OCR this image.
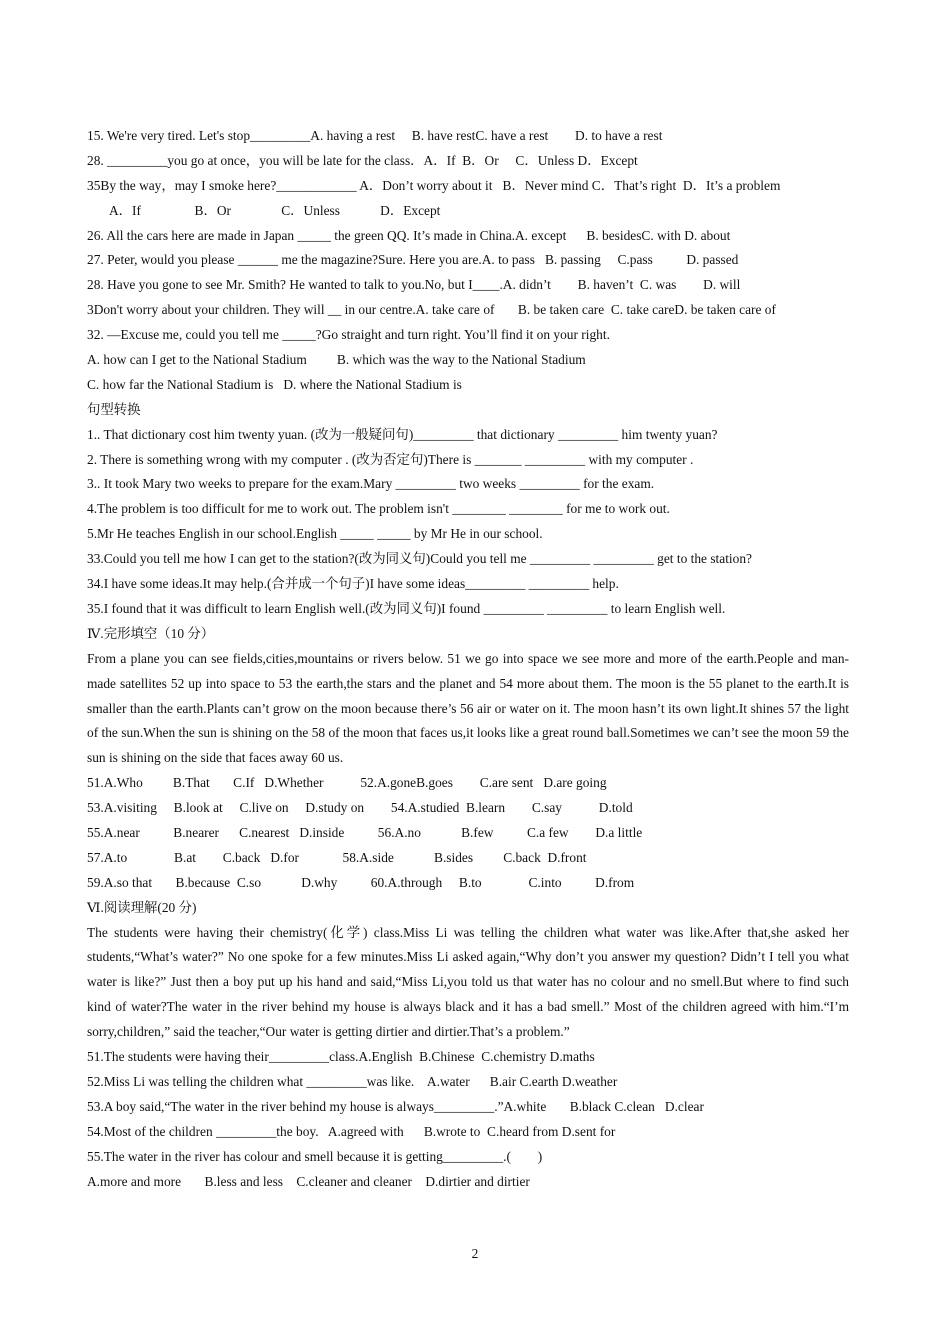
15. We're very tired. Let's stop_________A. having a rest     B. have restC. have a rest        D. to have a rest
28. _________you go at once，you will be late for the class．A．If  B．Or     C．Unless D．Except
35By the way，may I smoke here?____________ A．Don’t worry about it   B．Never mind C．That’s right  D．It’s a problem
A．If                B．Or               C．Unless            D．Except
26. All the cars here are made in Japan _____ the green QQ. It’s made in China.A. except      B. besidesC. with D. about
27. Peter, would you please ______ me the magazine?Sure. Here you are.A. to pass   B. passing     C.pass          D. passed
28. Have you gone to see Mr. Smith? He wanted to talk to you.No, but I____.A. didn’t        B. haven’t  C. was        D. will
3Don't worry about your children. They will __ in our centre.A. take care of       B. be taken care  C. take careD. be taken care of
32. —Excuse me, could you tell me _____?Go straight and turn right. You’ll find it on your right.
A. how can I get to the National Stadium         B. which was the way to the National Stadium
C. how far the National Stadium is   D. where the National Stadium is
句型转换
1.. That dictionary cost him twenty yuan. (改为一般疑问句)_________ that dictionary _________ him twenty yuan?
2. There is something wrong with my computer . (改为否定句)There is _______ _________ with my computer .
3.. It took Mary two weeks to prepare for the exam.Mary _________ two weeks _________ for the exam.
4.The problem is too difficult for me to work out. The problem isn't ________ ________ for me to work out.
5.Mr He teaches English in our school.English _____ _____ by Mr He in our school.
33.Could you tell me how I can get to the station?(改为同义句)Could you tell me _________ _________ get to the station?
34.I have some ideas.It may help.(合并成一个句子)I have some ideas_________ _________ help.
35.I found that it was difficult to learn English well.(改为同义句)I found _________ _________ to learn English well.
Ⅳ.完形填空（10 分）
From a plane you can see fields,cities,mountains or rivers below. 51 we go into space we see more and more of the earth.People and man-made satellites 52 up into space to 53 the earth,the stars and the planet and 54 more about them. The moon is the 55 planet to the earth.It is smaller than the earth.Plants can’t grow on the moon because there’s 56 air or water on it. The moon hasn’t its own light.It shines 57 the light of the sun.When the sun is shining on the 58 of the moon that faces us,it looks like a great round ball.Sometimes we can’t see the moon 59 the sun is shining on the side that faces away 60 us.
51.A.Who         B.That       C.If   D.Whether           52.A.goneB.goes        C.are sent   D.are going
53.A.visiting     B.look at     C.live on     D.study on        54.A.studied  B.learn        C.say           D.told
55.A.near          B.nearer      C.nearest   D.inside          56.A.no            B.few          C.a few        D.a little
57.A.to              B.at        C.back   D.for             58.A.side            B.sides         C.back  D.front
59.A.so that       B.because  C.so            D.why          60.A.through     B.to              C.into          D.from
Ⅵ.阅读理解(20 分)
The students were having their chemistry(化学) class.Miss Li was telling the children what water was like.After that,she asked her students,“What’s water?” No one spoke for a few minutes.Miss Li asked again,“Why don’t you answer my question? Didn’t I tell you what water is like?” Just then a boy put up his hand and said,“Miss Li,you told us that water has no colour and no smell.But where to find such kind of water?The water in the river behind my house is always black and it has a bad smell.” Most of the children agreed with him.“I’m sorry,children,” said the teacher,“Our water is getting dirtier and dirtier.That’s a problem.”
51.The students were having their_________class.A.English  B.Chinese  C.chemistry D.maths
52.Miss Li was telling the children what _________was like.    A.water      B.air C.earth D.weather
53.A boy said,“The water in the river behind my house is always_________.”A.white       B.black C.clean   D.clear
54.Most of the children _________the boy.   A.agreed with      B.wrote to  C.heard from D.sent for
55.The water in the river has colour and smell because it is getting_________.(        )
A.more and more       B.less and less    C.cleaner and cleaner    D.dirtier and dirtier
2
